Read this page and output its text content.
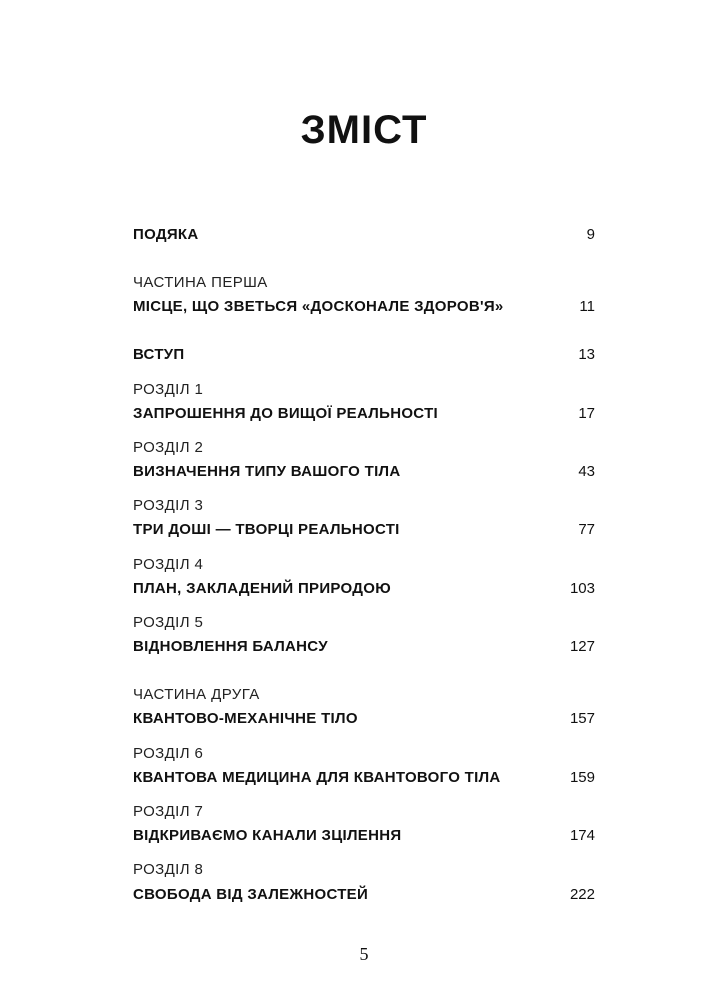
ЗМІСТ
ПОДЯКА	9
ЧАСТИНА ПЕРША
МІСЦЕ, ЩО ЗВЕТЬСЯ «ДОСКОНАЛЕ ЗДОРОВ'Я»	11
ВСТУП	13
РОЗДІЛ 1
ЗАПРОШЕННЯ ДО ВИЩОЇ РЕАЛЬНОСТІ	17
РОЗДІЛ 2
ВИЗНАЧЕННЯ ТИПУ ВАШОГО ТІЛА	43
РОЗДІЛ 3
ТРИ ДОШІ — ТВОРЦІ РЕАЛЬНОСТІ	77
РОЗДІЛ 4
ПЛАН, ЗАКЛАДЕНИЙ ПРИРОДОЮ	103
РОЗДІЛ 5
ВІДНОВЛЕННЯ БАЛАНСУ	127
ЧАСТИНА ДРУГА
КВАНТОВО-МЕХАНІЧНЕ ТІЛО	157
РОЗДІЛ 6
КВАНТОВА МЕДИЦИНА ДЛЯ КВАНТОВОГО ТІЛА	159
РОЗДІЛ 7
ВІДКРИВАЄМО КАНАЛИ ЗЦІЛЕННЯ	174
РОЗДІЛ 8
СВОБОДА ВІД ЗАЛЕЖНОСТЕЙ	222
5
